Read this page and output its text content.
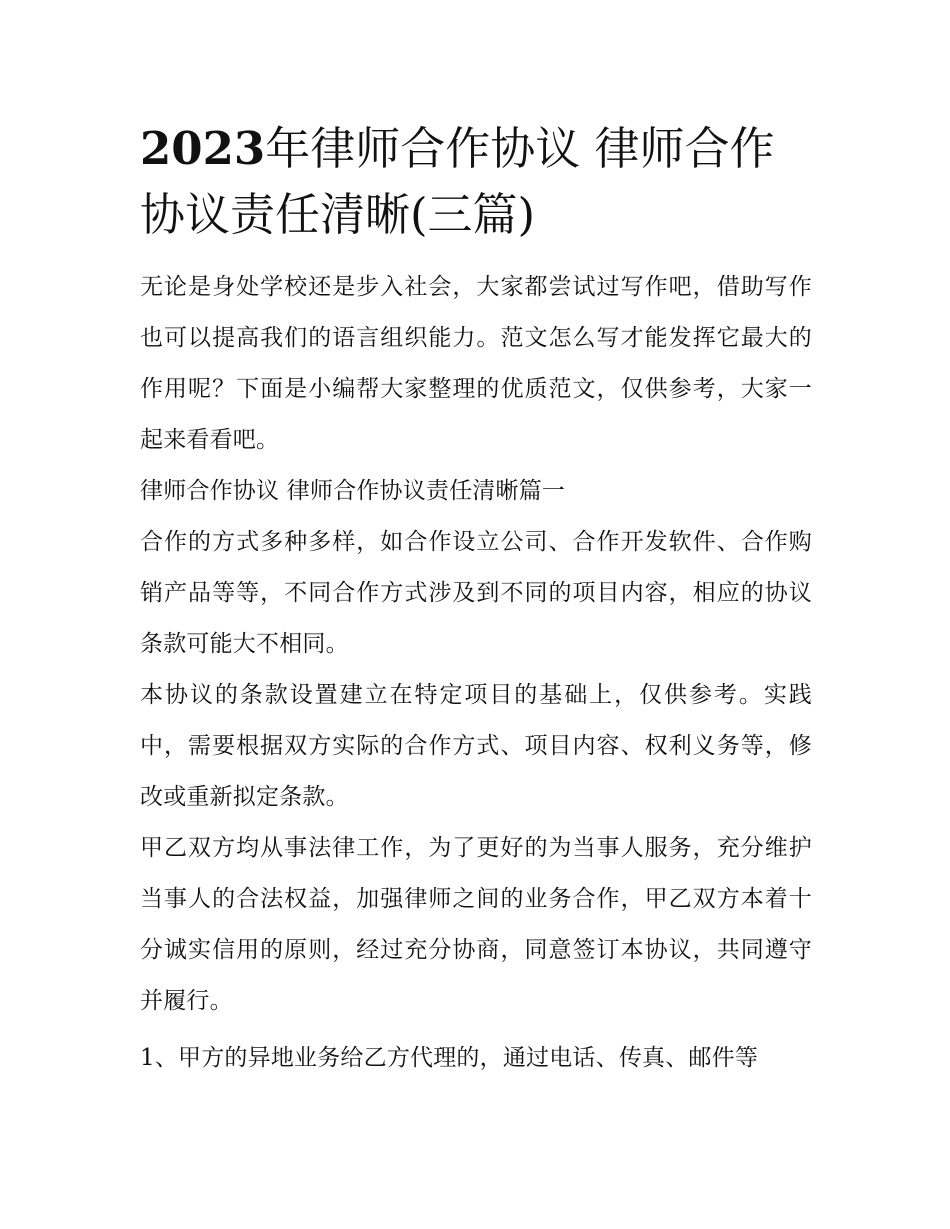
2023年律师合作协议 律师合作协议责任清晰(三篇)

无论是身处学校还是步入社会，大家都尝试过写作吧，借助写作也可以提高我们的语言组织能力。范文怎么写才能发挥它最大的作用呢？下面是小编帮大家整理的优质范文，仅供参考，大家一起来看看吧。

律师合作协议 律师合作协议责任清晰篇一

合作的方式多种多样，如合作设立公司、合作开发软件、合作购销产品等等，不同合作方式涉及到不同的项目内容，相应的协议条款可能大不相同。

本协议的条款设置建立在特定项目的基础上，仅供参考。实践中，需要根据双方实际的合作方式、项目内容、权利义务等，修改或重新拟定条款。

甲乙双方均从事法律工作，为了更好的为当事人服务，充分维护当事人的合法权益，加强律师之间的业务合作，甲乙双方本着十分诚实信用的原则，经过充分协商，同意签订本协议，共同遵守并履行。

1、甲方的异地业务给乙方代理的，通过电话、传真、邮件等
